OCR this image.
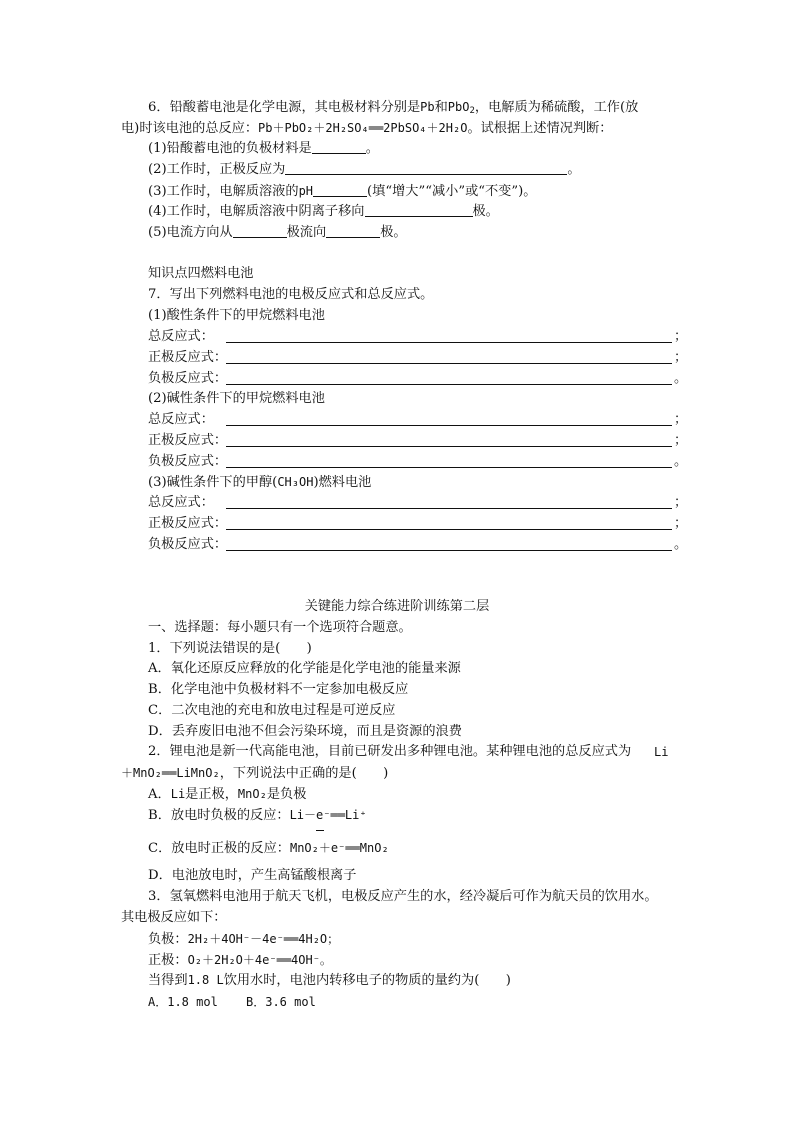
6．铅酸蓄电池是化学电源，其电极材料分别是Pb和PbO$_2$，电解质为稀硫酸，工作(放
电)时该电池的总反应：Pb＋PbO₂＋2H₂SO₄══2PbSO₄＋2H₂O。试根据上述情况判断：
(1)铅酸蓄电池的负极材料是	。
(2)工作时，正极反应为	。
(3)工作时，电解质溶液的pH	(填“增大”“减小”或“不变”)。
(4)工作时，电解质溶液中阴离子移向	极。
(5)电流方向从	极流向	极。
知识点四燃料电池
7．写出下列燃料电池的电极反应式和总反应式。
(1)酸性条件下的甲烷燃料电池
总反应式：	；
正极反应式：	；
负极反应式：	。
(2)碱性条件下的甲烷燃料电池
总反应式：	；
正极反应式：	；
负极反应式：	。
(3)碱性条件下的甲醇(CH₃OH)燃料电池
总反应式：	；
正极反应式：	；
负极反应式：	。
关键能力综合练进阶训练第二层
一、选择题：每小题只有一个选项符合题意。
1．下列说法错误的是(　　)
A．氧化还原反应释放的化学能是化学电池的能量来源
B．化学电池中负极材料不一定参加电极反应
C．二次电池的充电和放电过程是可逆反应
D．丢弃废旧电池不但会污染环境，而且是资源的浪费
2．锂电池是新一代高能电池，目前已研发出多种锂电池。某种锂电池的总反应式为 Li
＋MnO₂══LiMnO₂，下列说法中正确的是(　　)
A．Li是正极，MnO₂是负极
B．放电时负极的反应：Li－e⁻══Li⁺
C．放电时正极的反应：MnO₂＋e⁻══MnO₂
D．电池放电时，产生高锰酸根离子
3．氢氧燃料电池用于航天飞机，电极反应产生的水，经冷凝后可作为航天员的饮用水。
其电极反应如下：
负极：2H₂＋4OH⁻－4e⁻══4H₂O；
正极：O₂＋2H₂O＋4e⁻══4OH⁻。
当得到1.8 L饮用水时，电池内转移电子的物质的量约为(　　)
A．1.8 mol B．3.6 mol
